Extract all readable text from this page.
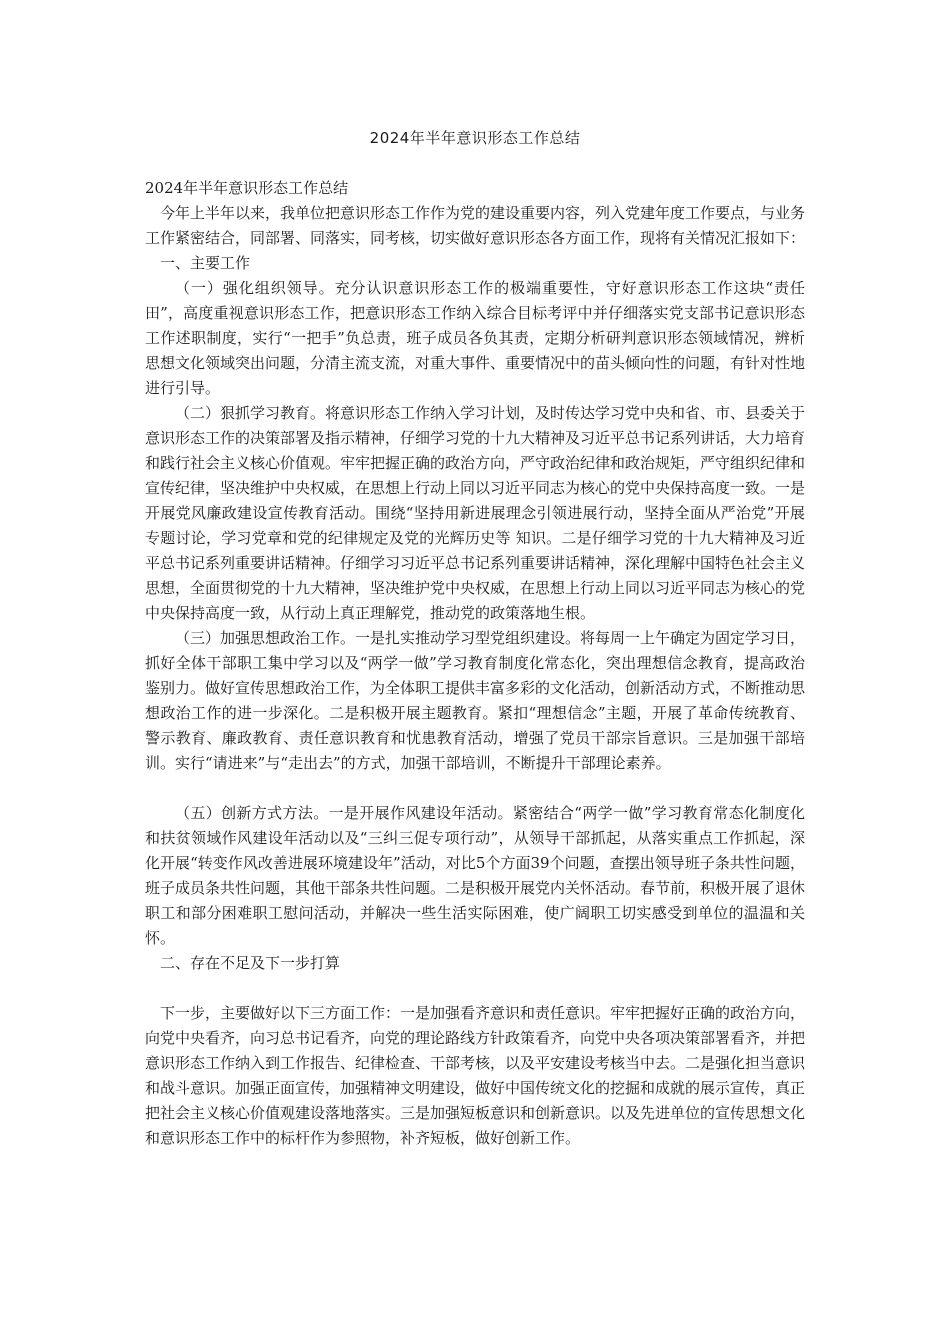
2024年半年意识形态工作总结

2024年半年意识形态工作总结

今年上半年以来，我单位把意识形态工作作为党的建设重要内容，列入党建年度工作要点，与业务工作紧密结合，同部署、同落实，同考核，切实做好意识形态各方面工作，现将有关情况汇报如下：

一、主要工作

（一）强化组织领导。充分认识意识形态工作的极端重要性，守好意识形态工作这块“责任田”，高度重视意识形态工作，把意识形态工作纳入综合目标考评中并仔细落实党支部书记意识形态工作述职制度，实行“一把手”负总责，班子成员各负其责，定期分析研判意识形态领域情况，辨析思想文化领域突出问题，分清主流支流，对重大事件、重要情况中的苗头倾向性的问题，有针对性地进行引导。

（二）狠抓学习教育。将意识形态工作纳入学习计划，及时传达学习党中央和省、市、县委关于意识形态工作的决策部署及指示精神，仔细学习党的十九大精神及习近平总书记系列讲话，大力培育和践行社会主义核心价值观。牢牢把握正确的政治方向，严守政治纪律和政治规矩，严守组织纪律和宣传纪律，坚决维护中央权威，在思想上行动上同以习近平同志为核心的党中央保持高度一致。一是开展党风廉政建设宣传教育活动。围绕“坚持用新进展理念引领进展行动，坚持全面从严治党”开展专题讨论，学习党章和党的纪律规定及党的光辉历史等 知识。二是仔细学习党的十九大精神及习近平总书记系列重要讲话精神。仔细学习习近平总书记系列重要讲话精神，深化理解中国特色社会主义思想，全面贯彻党的十九大精神，坚决维护党中央权威，在思想上行动上同以习近平同志为核心的党中央保持高度一致，从行动上真正理解党，推动党的政策落地生根。

（三）加强思想政治工作。一是扎实推动学习型党组织建设。将每周一上午确定为固定学习日，抓好全体干部职工集中学习以及“两学一做”学习教育制度化常态化，突出理想信念教育，提高政治鉴别力。做好宣传思想政治工作，为全体职工提供丰富多彩的文化活动，创新活动方式，不断推动思想政治工作的进一步深化。二是积极开展主题教育。紧扣“理想信念”主题，开展了革命传统教育、警示教育、廉政教育、责任意识教育和忧患教育活动，增强了党员干部宗旨意识。三是加强干部培训。实行“请进来”与“走出去”的方式，加强干部培训，不断提升干部理论素养。

（五）创新方式方法。一是开展作风建设年活动。紧密结合“两学一做”学习教育常态化制度化和扶贫领域作风建设年活动以及“三纠三促专项行动”，从领导干部抓起，从落实重点工作抓起，深化开展“转变作风改善进展环境建设年”活动，对比5个方面39个问题，查摆出领导班子条共性问题，班子成员条共性问题，其他干部条共性问题。二是积极开展党内关怀活动。春节前，积极开展了退休职工和部分困难职工慰问活动，并解决一些生活实际困难，使广阔职工切实感受到单位的温温和关怀。

二、存在不足及下一步打算

下一步，主要做好以下三方面工作：一是加强看齐意识和责任意识。牢牢把握好正确的政治方向，向党中央看齐，向习总书记看齐，向党的理论路线方针政策看齐，向党中央各项决策部署看齐，并把意识形态工作纳入到工作报告、纪律检查、干部考核，以及平安建设考核当中去。二是强化担当意识和战斗意识。加强正面宣传，加强精神文明建设，做好中国传统文化的挖掘和成就的展示宣传，真正把社会主义核心价值观建设落地落实。三是加强短板意识和创新意识。以及先进单位的宣传思想文化和意识形态工作中的标杆作为参照物，补齐短板，做好创新工作。
